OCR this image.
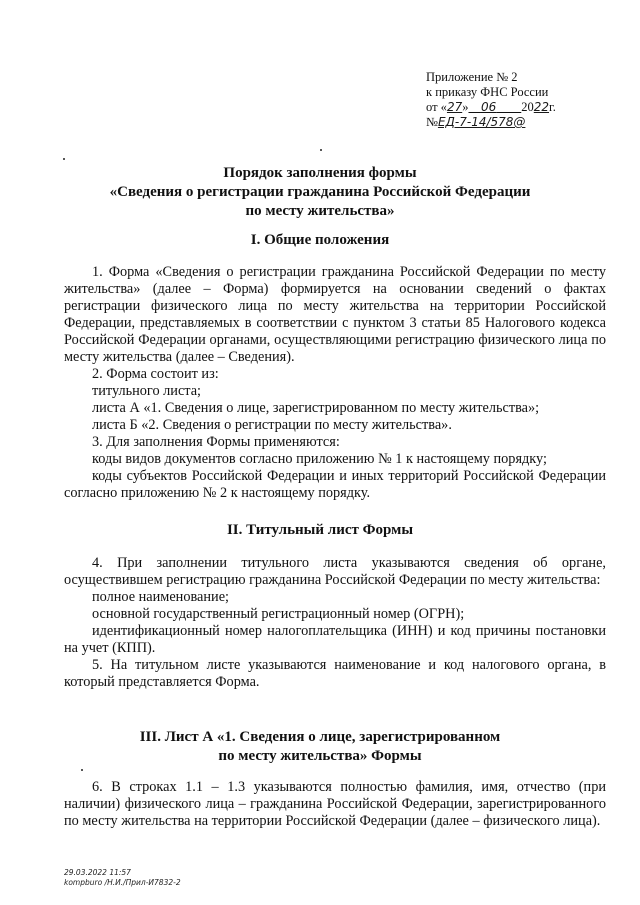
Приложение № 2
к приказу ФНС России
от «27» 06 2022г.
№ЕД-7-14/578@
Порядок заполнения формы
«Сведения о регистрации гражданина Российской Федерации
по месту жительства»
I. Общие положения

1. Форма «Сведения о регистрации гражданина Российской Федерации по месту жительства» (далее – Форма) формируется на основании сведений о фактах регистрации физического лица по месту жительства на территории Российской Федерации, представляемых в соответствии с пунктом 3 статьи 85 Налогового кодекса Российской Федерации органами, осуществляющими регистрацию физического лица по месту жительства (далее – Сведения).

2. Форма состоит из:

титульного листа;

листа А «1. Сведения о лице, зарегистрированном по месту жительства»;

листа Б «2. Сведения о регистрации по месту жительства».

3. Для заполнения Формы применяются:

коды видов документов согласно приложению № 1 к настоящему порядку;

коды субъектов Российской Федерации и иных территорий Российской Федерации согласно приложению № 2 к настоящему порядку.

II. Титульный лист Формы

4. При заполнении титульного листа указываются сведения об органе, осуществившем регистрацию гражданина Российской Федерации по месту жительства:

полное наименование;

основной государственный регистрационный номер (ОГРН);

идентификационный номер налогоплательщика (ИНН) и код причины постановки на учет (КПП).

5. На титульном листе указываются наименование и код налогового органа, в который представляется Форма.

III. Лист А «1. Сведения о лице, зарегистрированном
по месту жительства» Формы

6. В строках 1.1 – 1.3 указываются полностью фамилия, имя, отчество (при наличии) физического лица – гражданина Российской Федерации, зарегистрированного по месту жительства на территории Российской Федерации (далее – физического лица).

29.03.2022 11:57
kompburo /Н.И./Прил-И7832-2
